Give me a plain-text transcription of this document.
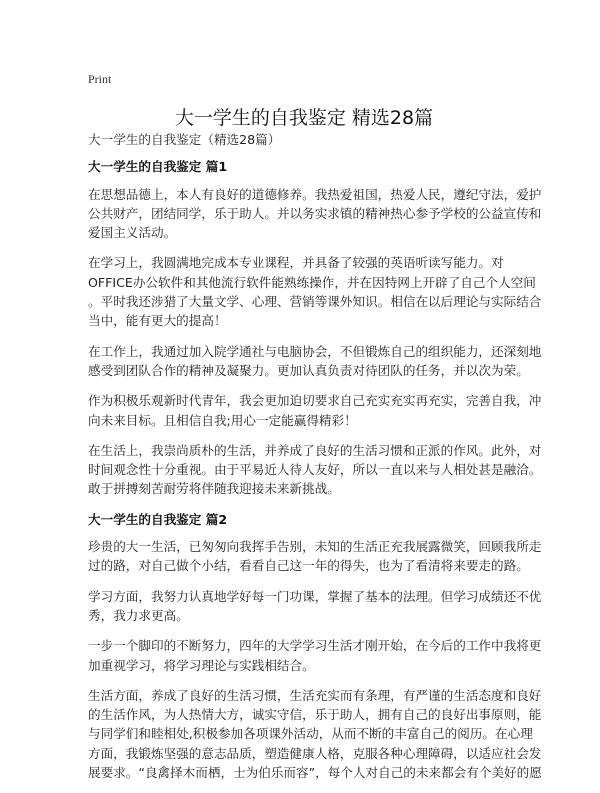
Print
大一学生的自我鉴定 精选28篇
大一学生的自我鉴定（精选28篇）
大一学生的自我鉴定 篇1
在思想品德上，本人有良好的道德修养。我热爱祖国，热爱人民，遵纪守法，爱护
公共财产，团结同学，乐于助人。并以务实求镇的精神热心参予学校的公益宣传和
爱国主义活动。
在学习上，我圆满地完成本专业课程，并具备了较强的英语听读写能力。对
OFFICE办公软件和其他流行软件能熟练操作，并在因特网上开辟了自己个人空间
。平时我还涉猎了大量文学、心理、营销等课外知识。相信在以后理论与实际结合
当中，能有更大的提高！
在工作上，我通过加入院学通社与电脑协会，不但锻炼自己的组织能力，还深刻地
感受到团队合作的精神及凝聚力。更加认真负责对待团队的任务，并以次为荣。
作为积极乐观新时代青年，我会更加迫切要求自己充实充实再充实，完善自我，冲
向未来目标。且相信自我;用心一定能赢得精彩！
在生活上，我崇尚质朴的生活，并养成了良好的生活习惯和正派的作风。此外，对
时间观念性十分重视。由于平易近人待人友好，所以一直以来与人相处甚是融洽。
敢于拼搏刻苦耐劳将伴随我迎接未来新挑战。
大一学生的自我鉴定 篇2
珍贵的大一生活，已匆匆向我挥手告别，未知的生活正充我展露微笑，回顾我所走
过的路，对自己做个小结，看看自己这一年的得失，也为了看清将来要走的路。
学习方面，我努力认真地学好每一门功课，掌握了基本的法理。但学习成绩还不优
秀，我力求更高。
一步一个脚印的不断努力，四年的大学学习生活才刚开始，在今后的工作中我将更
加重视学习，将学习理论与实践相结合。
生活方面，养成了良好的生活习惯，生活充实而有条理，有严谨的生活态度和良好
的生活作风，为人热情大方，诚实守信，乐于助人，拥有自己的良好出事原则，能
与同学们和睦相处,积极参加各项课外活动，从而不断的丰富自己的阅历。在心理
方面，我锻炼坚强的意志品质，塑造健康人格，克服各种心理障碍，以适应社会发
展要求。“良禽择木而栖，士为伯乐而容”，每个人对自己的未来都会有个美好的愿
